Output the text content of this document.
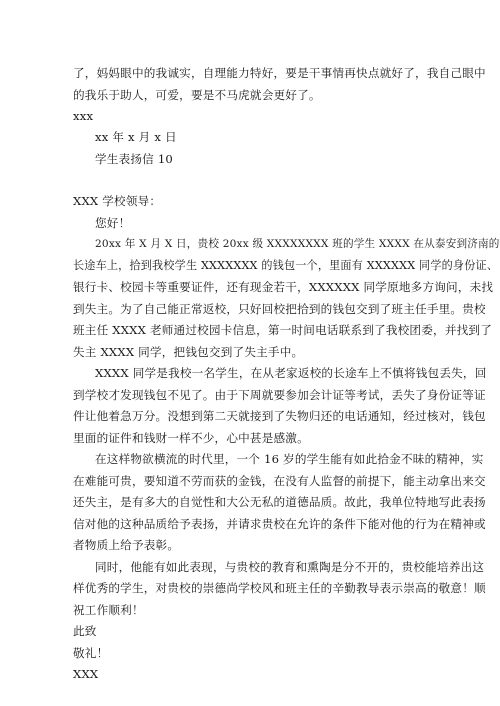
了，妈妈眼中的我诚实，自理能力特好，要是干事情再快点就好了，我自己眼中
的我乐于助人，可爱，要是不马虎就会更好了。
xxx
xx 年 x 月 x 日
学生表扬信 10
XXX 学校领导：
您好！
20xx 年 X 月 X 日，贵校 20xx 级 XXXXXXXX 班的学生 XXXX 在从泰安到济南的
长途车上，拾到我校学生 XXXXXXX 的钱包一个，里面有 XXXXXX 同学的身份证、
银行卡、校园卡等重要证件，还有现金若干，XXXXXX 同学原地多方询问，未找
到失主。为了自己能正常返校，只好回校把拾到的钱包交到了班主任手里。贵校
班主任 XXXX 老师通过校园卡信息，第一时间电话联系到了我校团委，并找到了
失主 XXXX 同学，把钱包交到了失主手中。
XXXX 同学是我校一名学生，在从老家返校的长途车上不慎将钱包丢失，回
到学校才发现钱包不见了。由于下周就要参加会计证等考试，丢失了身份证等证
件让他着急万分。没想到第二天就接到了失物归还的电话通知，经过核对，钱包
里面的证件和钱财一样不少，心中甚是感激。
在这样物欲横流的时代里，一个 16 岁的学生能有如此拾金不昧的精神，实
在难能可贵，要知道不劳而获的金钱，在没有人监督的前提下，能主动拿出来交
还失主，是有多大的自觉性和大公无私的道德品质。故此，我单位特地写此表扬
信对他的这种品质给予表扬，并请求贵校在允许的条件下能对他的行为在精神或
者物质上给予表彰。
同时，他能有如此表现，与贵校的教育和熏陶是分不开的，贵校能培养出这
样优秀的学生，对贵校的崇德尚学校风和班主任的辛勤教导表示崇高的敬意！顺
祝工作顺利！
此致
敬礼！
XXX
